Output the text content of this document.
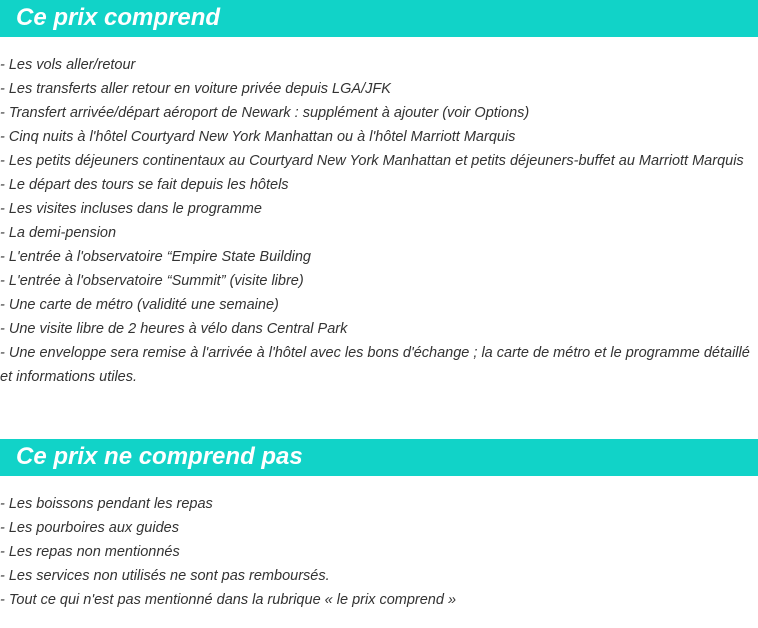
Ce prix comprend
- Les vols aller/retour
- Les transferts aller retour en voiture privée depuis LGA/JFK
- Transfert arrivée/départ aéroport de Newark : supplément à ajouter (voir Options)
- Cinq nuits à l'hôtel Courtyard New York Manhattan ou à l'hôtel Marriott Marquis
- Les petits déjeuners continentaux au Courtyard New York Manhattan et petits déjeuners-buffet au Marriott Marquis
- Le départ des tours se fait depuis les hôtels
- Les visites incluses dans le programme
- La demi-pension
- L'entrée à l'observatoire “Empire State Building
- L'entrée à l'observatoire “Summit” (visite libre)
- Une carte de métro (validité une semaine)
- Une visite libre de 2 heures à vélo dans Central Park
- Une enveloppe sera remise à l'arrivée à l'hôtel avec les bons d'échange ; la carte de métro et le programme détaillé et informations utiles.
Ce prix ne comprend pas
- Les boissons pendant les repas
- Les pourboires aux guides
- Les repas non mentionnés
- Les services non utilisés ne sont pas remboursés.
- Tout ce qui n'est pas mentionné dans la rubrique « le prix comprend »
